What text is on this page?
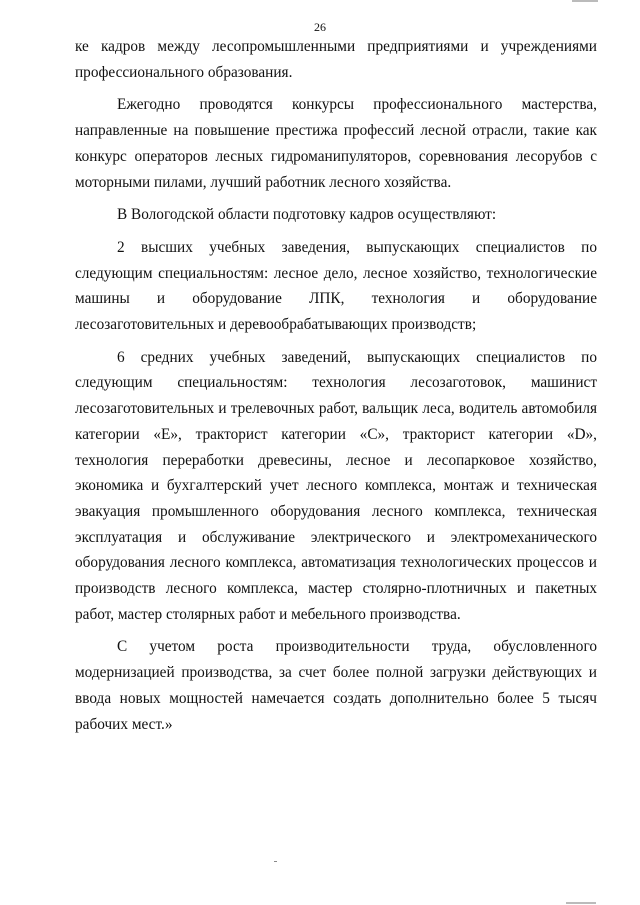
26

ке кадров между лесопромышленными предприятиями и учреждениями профессионального образования.

Ежегодно проводятся конкурсы профессионального мастерства, направленные на повышение престижа профессий лесной отрасли, такие как конкурс операторов лесных гидроманипуляторов, соревнования лесорубов с моторными пилами, лучший работник лесного хозяйства.

В Вологодской области подготовку кадров осуществляют:

2 высших учебных заведения, выпускающих специалистов по следующим специальностям: лесное дело, лесное хозяйство, технологические машины и оборудование ЛПК, технология и оборудование лесозаготовительных и деревообрабатывающих производств;

6 средних учебных заведений, выпускающих специалистов по следующим специальностям: технология лесозаготовок, машинист лесозаготовительных и трелевочных работ, вальщик леса, водитель автомобиля категории «Е», тракторист категории «С», тракторист категории «D», технология переработки древесины, лесное и лесопарковое хозяйство, экономика и бухгалтерский учет лесного комплекса, монтаж и техническая эвакуация промышленного оборудования лесного комплекса, техническая эксплуатация и обслуживание электрического и электромеханического оборудования лесного комплекса, автоматизация технологических процессов и производств лесного комплекса, мастер столярно-плотничных и пакетных работ, мастер столярных работ и мебельного производства.

С учетом роста производительности труда, обусловленного модернизацией производства, за счет более полной загрузки действующих и ввода новых мощностей намечается создать дополнительно более 5 тысяч рабочих мест.»
